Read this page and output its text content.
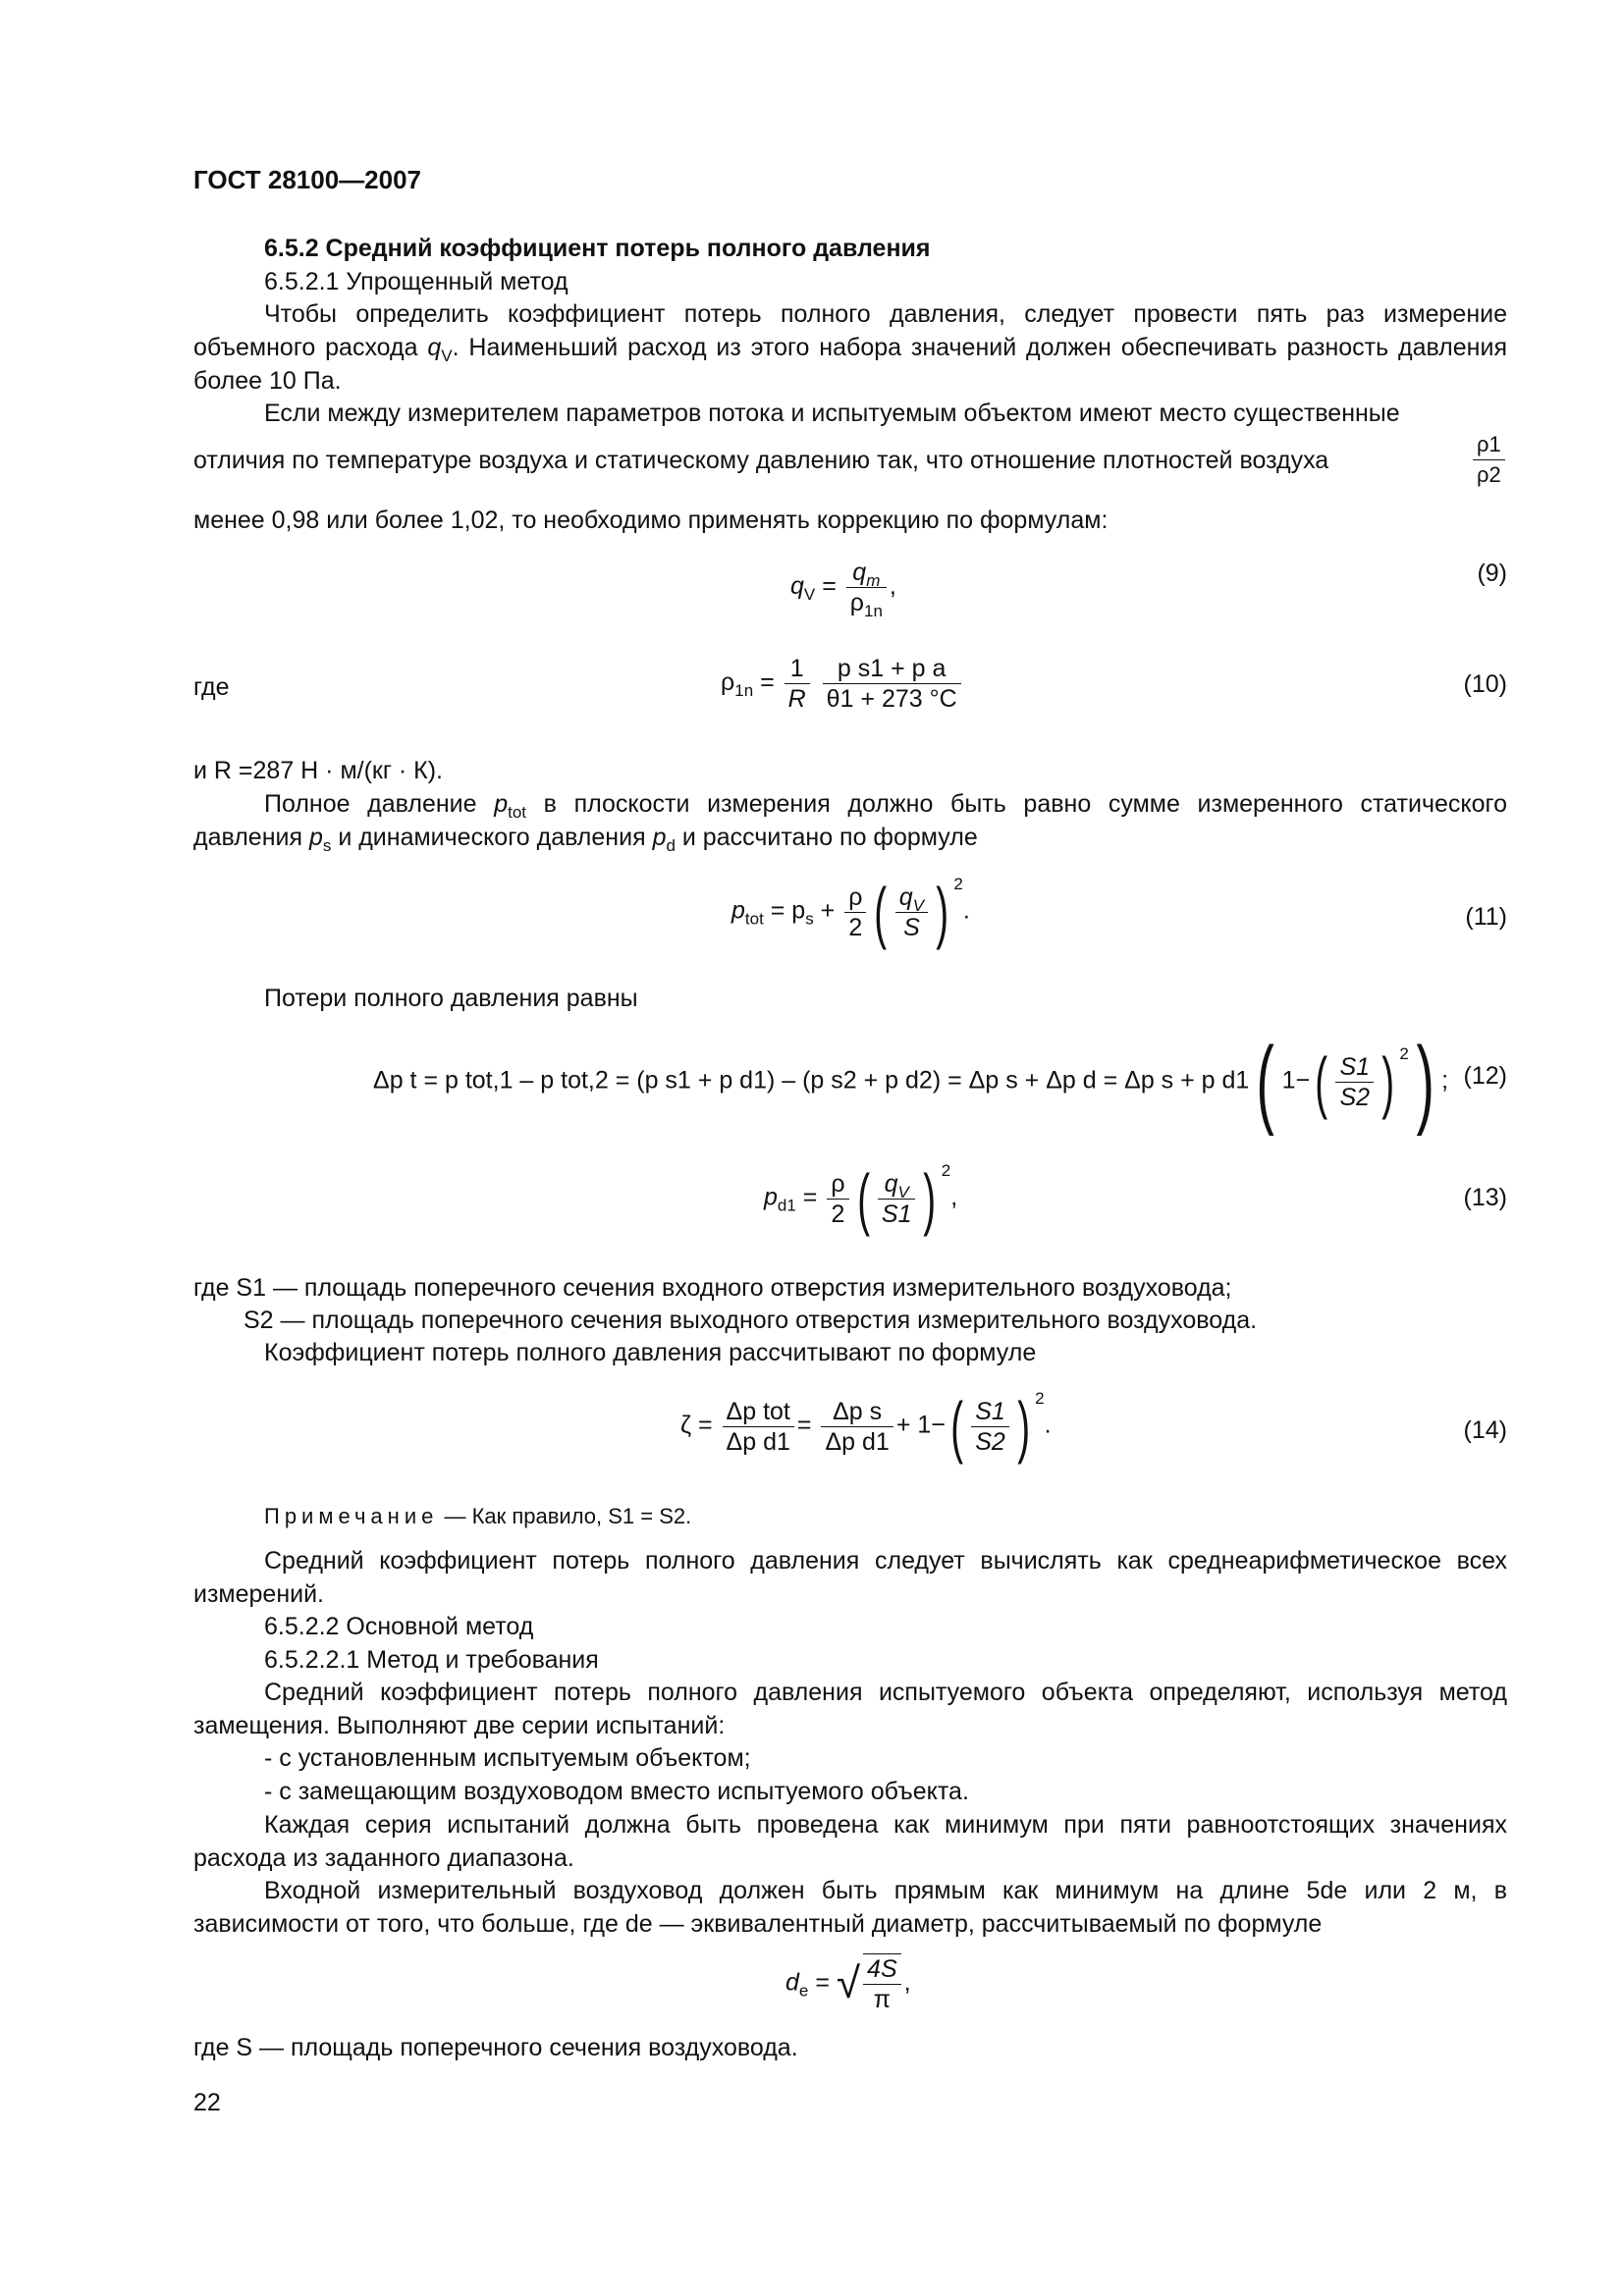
ГОСТ 28100—2007
6.5.2 Средний коэффициент потерь полного давления
6.5.2.1 Упрощенный метод
Чтобы определить коэффициент потерь полного давления, следует провести пять раз измерение объемного расхода $q_V$. Наименьший расход из этого набора значений должен обеспечивать разность давления более 10 Па.
Если между измерителем параметров потока и испытуемым объектом имеют место существенные
отличия по температуре воздуха и статическому давлению так, что отношение плотностей воздуха	$\frac{\rho 1}{\rho 2}$
менее 0,98 или более 1,02, то необходимо применять коррекцию по формулам:
$q_V = \frac{q_m}{\rho_{1n}}$ ,	(9)
где	$\rho_{1n} = \frac{1}{R}$
$\frac{\text{p s1 + p a}}{\theta 1 + 273 ^\circ C}$	(10)
и R =287 Н · м/(кг · К).
Полное давление $p_{tot}$ в плоскости измерения должно быть равно сумме измеренного статического давления $p_s$ и динамического давления $p_d$ и рассчитано по формуле
$p_{tot} = p_s + \frac{\rho}{2}$ ( $\frac{q_V}{S}$ ) $^2$.	(11)
Потери полного давления равны
Δp t = p tot,1 – p tot,2 = (p s1 + p d1) – (p s2 + p d2) = Δp s + Δp d = Δp s + p d1( $1-( \frac{S1}{S2}$ ) $^2$) ; (12)
$p_{d1} = \frac{\rho}{2}$ ( $\frac{q_V}{S1}$ ) $^2$,	(13)
где S1 — площадь поперечного сечения входного отверстия измерительного воздуховода;
S2 — площадь поперечного сечения выходного отверстия измерительного воздуховода.
Коэффициент потерь полного давления рассчитывают по формуле
$\zeta = \frac{\text{Δp tot}}{\text{Δp d1}} = \frac{\text{Δp s}}{\text{Δp d1}} + 1-( \frac{S1}{S2}$ ) $^2$.	(14)
Примечание — Как правило, S1 = S2.
Средний коэффициент потерь полного давления следует вычислять как среднеарифметическое всех измерений.
6.5.2.2 Основной метод
6.5.2.2.1 Метод и требования
Средний коэффициент потерь полного давления испытуемого объекта определяют, используя метод замещения. Выполняют две серии испытаний:
- с установленным испытуемым объектом;
- с замещающим воздуховодом вместо испытуемого объекта.
Каждая серия испытаний должна быть проведена как минимум при пяти равноотстоящих значениях расхода из заданного диапазона.
Входной измерительный воздуховод должен быть прямым как минимум на длине 5de или 2 м, в зависимости от того, что больше, где de — эквивалентный диаметр, рассчитываемый по формуле
$d_e$ = √ $\frac{4S}{\pi}$ ,
где S — площадь поперечного сечения воздуховода.
22
